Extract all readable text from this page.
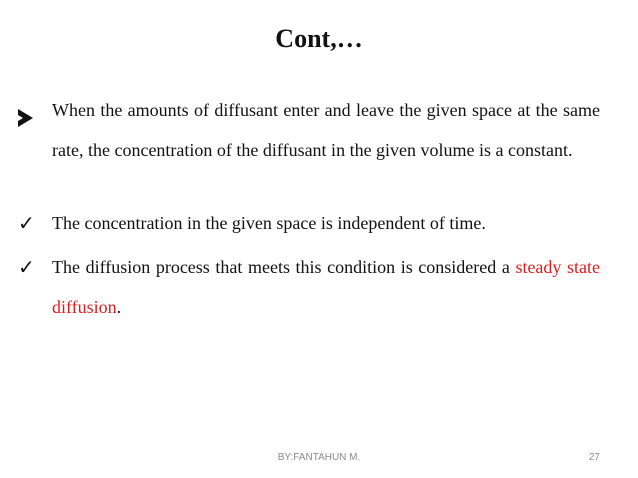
Cont,…
When the amounts of diffusant enter and leave the given space at the same rate, the concentration of the diffusant in the given volume is a constant.
✓ The concentration in the given space is independent of time.
✓ The diffusion process that meets this condition is considered a steady state diffusion.
BY:FANTAHUN M.	27
